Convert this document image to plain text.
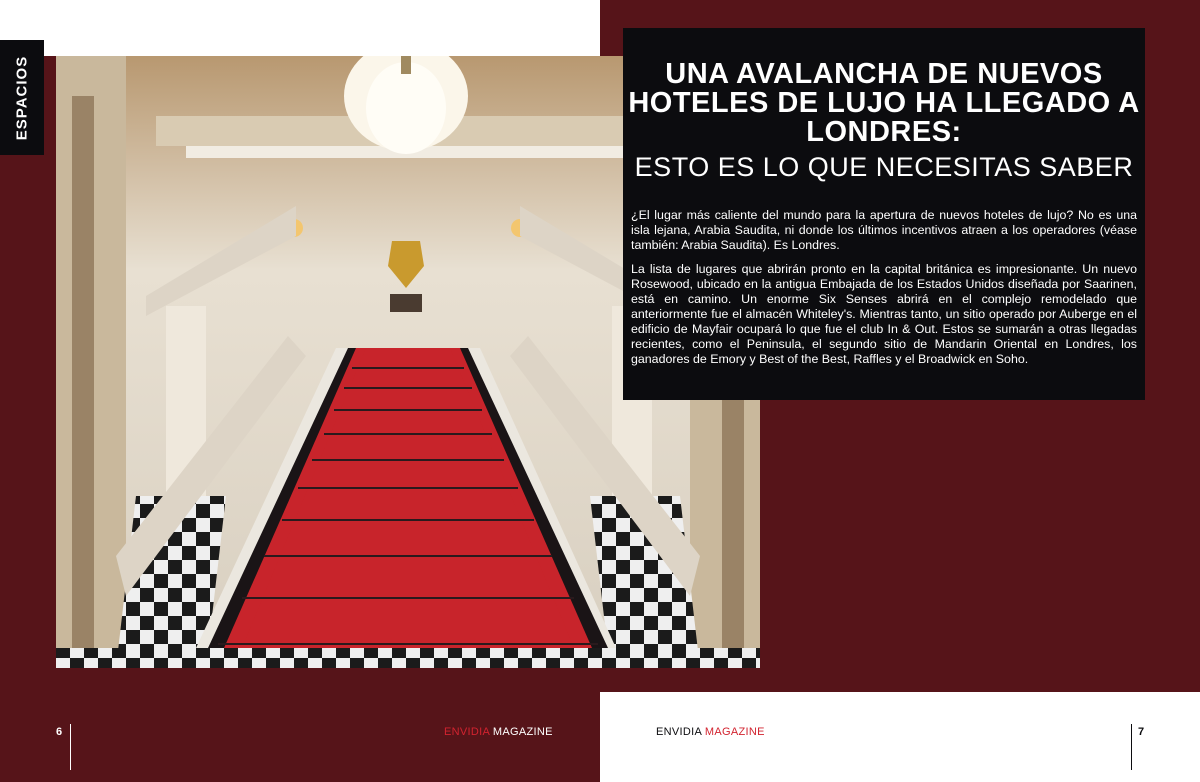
ESPACIOS	UNA AVALANCHA DE NUEVOS HOTELES DE LUJO HA LLEGADO A LONDRES:
ESTO ES LO QUE NECESITAS SABER

¿El lugar más caliente del mundo para la apertura de nuevos hoteles de lujo? No es una isla lejana, Arabia Saudita, ni donde los últimos incentivos atraen a los operadores (véase también: Arabia Saudita). Es Londres.

La lista de lugares que abrirán pronto en la capital británica es impresionante. Un nuevo Rosewood, ubicado en la antigua Embajada de los Estados Unidos diseñada por Saarinen, está en camino. Un enorme Six Senses abrirá en el complejo remodelado que anteriormente fue el almacén Whiteley's. Mientras tanto, un sitio operado por Auberge en el edificio de Mayfair ocupará lo que fue el club In & Out. Estos se sumarán a otras llegadas recientes, como el Peninsula, el segundo sitio de Mandarin Oriental en Londres, los ganadores de Emory y Best of the Best, Raffles y el Broadwick en Soho.

6	ENVIDIA MAGAZINE	ENVIDIA MAGAZINE	7
